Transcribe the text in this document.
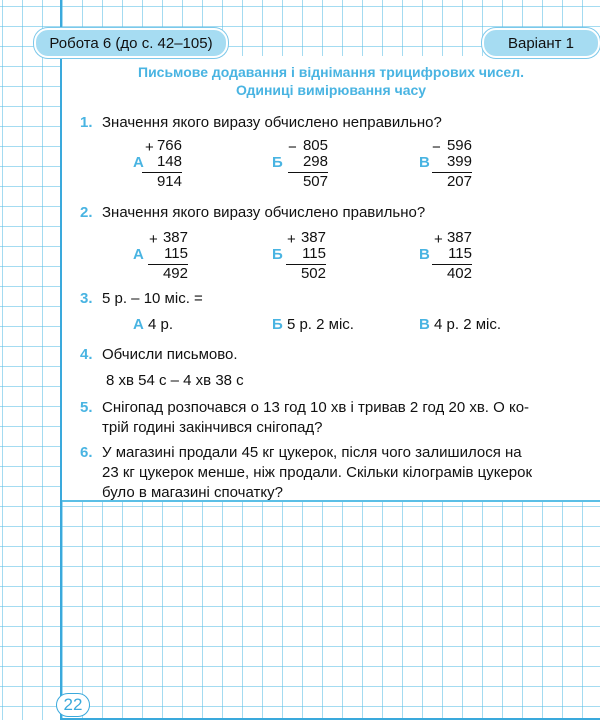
Робота 6 (до с. 42–105)	Варіант 1
Письмове додавання і віднімання трицифрових чисел.
Одиниці вимірювання часу
1. Значення якого виразу обчислено неправильно?
А
+ 766
148
914
Б
− 805
298
507
В
− 596
399
207
2. Значення якого виразу обчислено правильно?
А
+ 387
115
492
Б
+ 387
115
502
В
+ 387
115
402
3. 5 р. – 10 міс. =
А 4 р.	Б 5 р. 2 міс.	В 4 р. 2 міс.
4. Обчисли письмово.
8 хв 54 с – 4 хв 38 с
5. Снігопад розпочався о 13 год 10 хв і тривав 2 год 20 хв. О ко-
трій годині закінчився снігопад?
6. У магазині продали 45 кг цукерок, після чого залишилося на
23 кг цукерок менше, ніж продали. Скільки кілограмів цукерок
було в магазині спочатку?
22
